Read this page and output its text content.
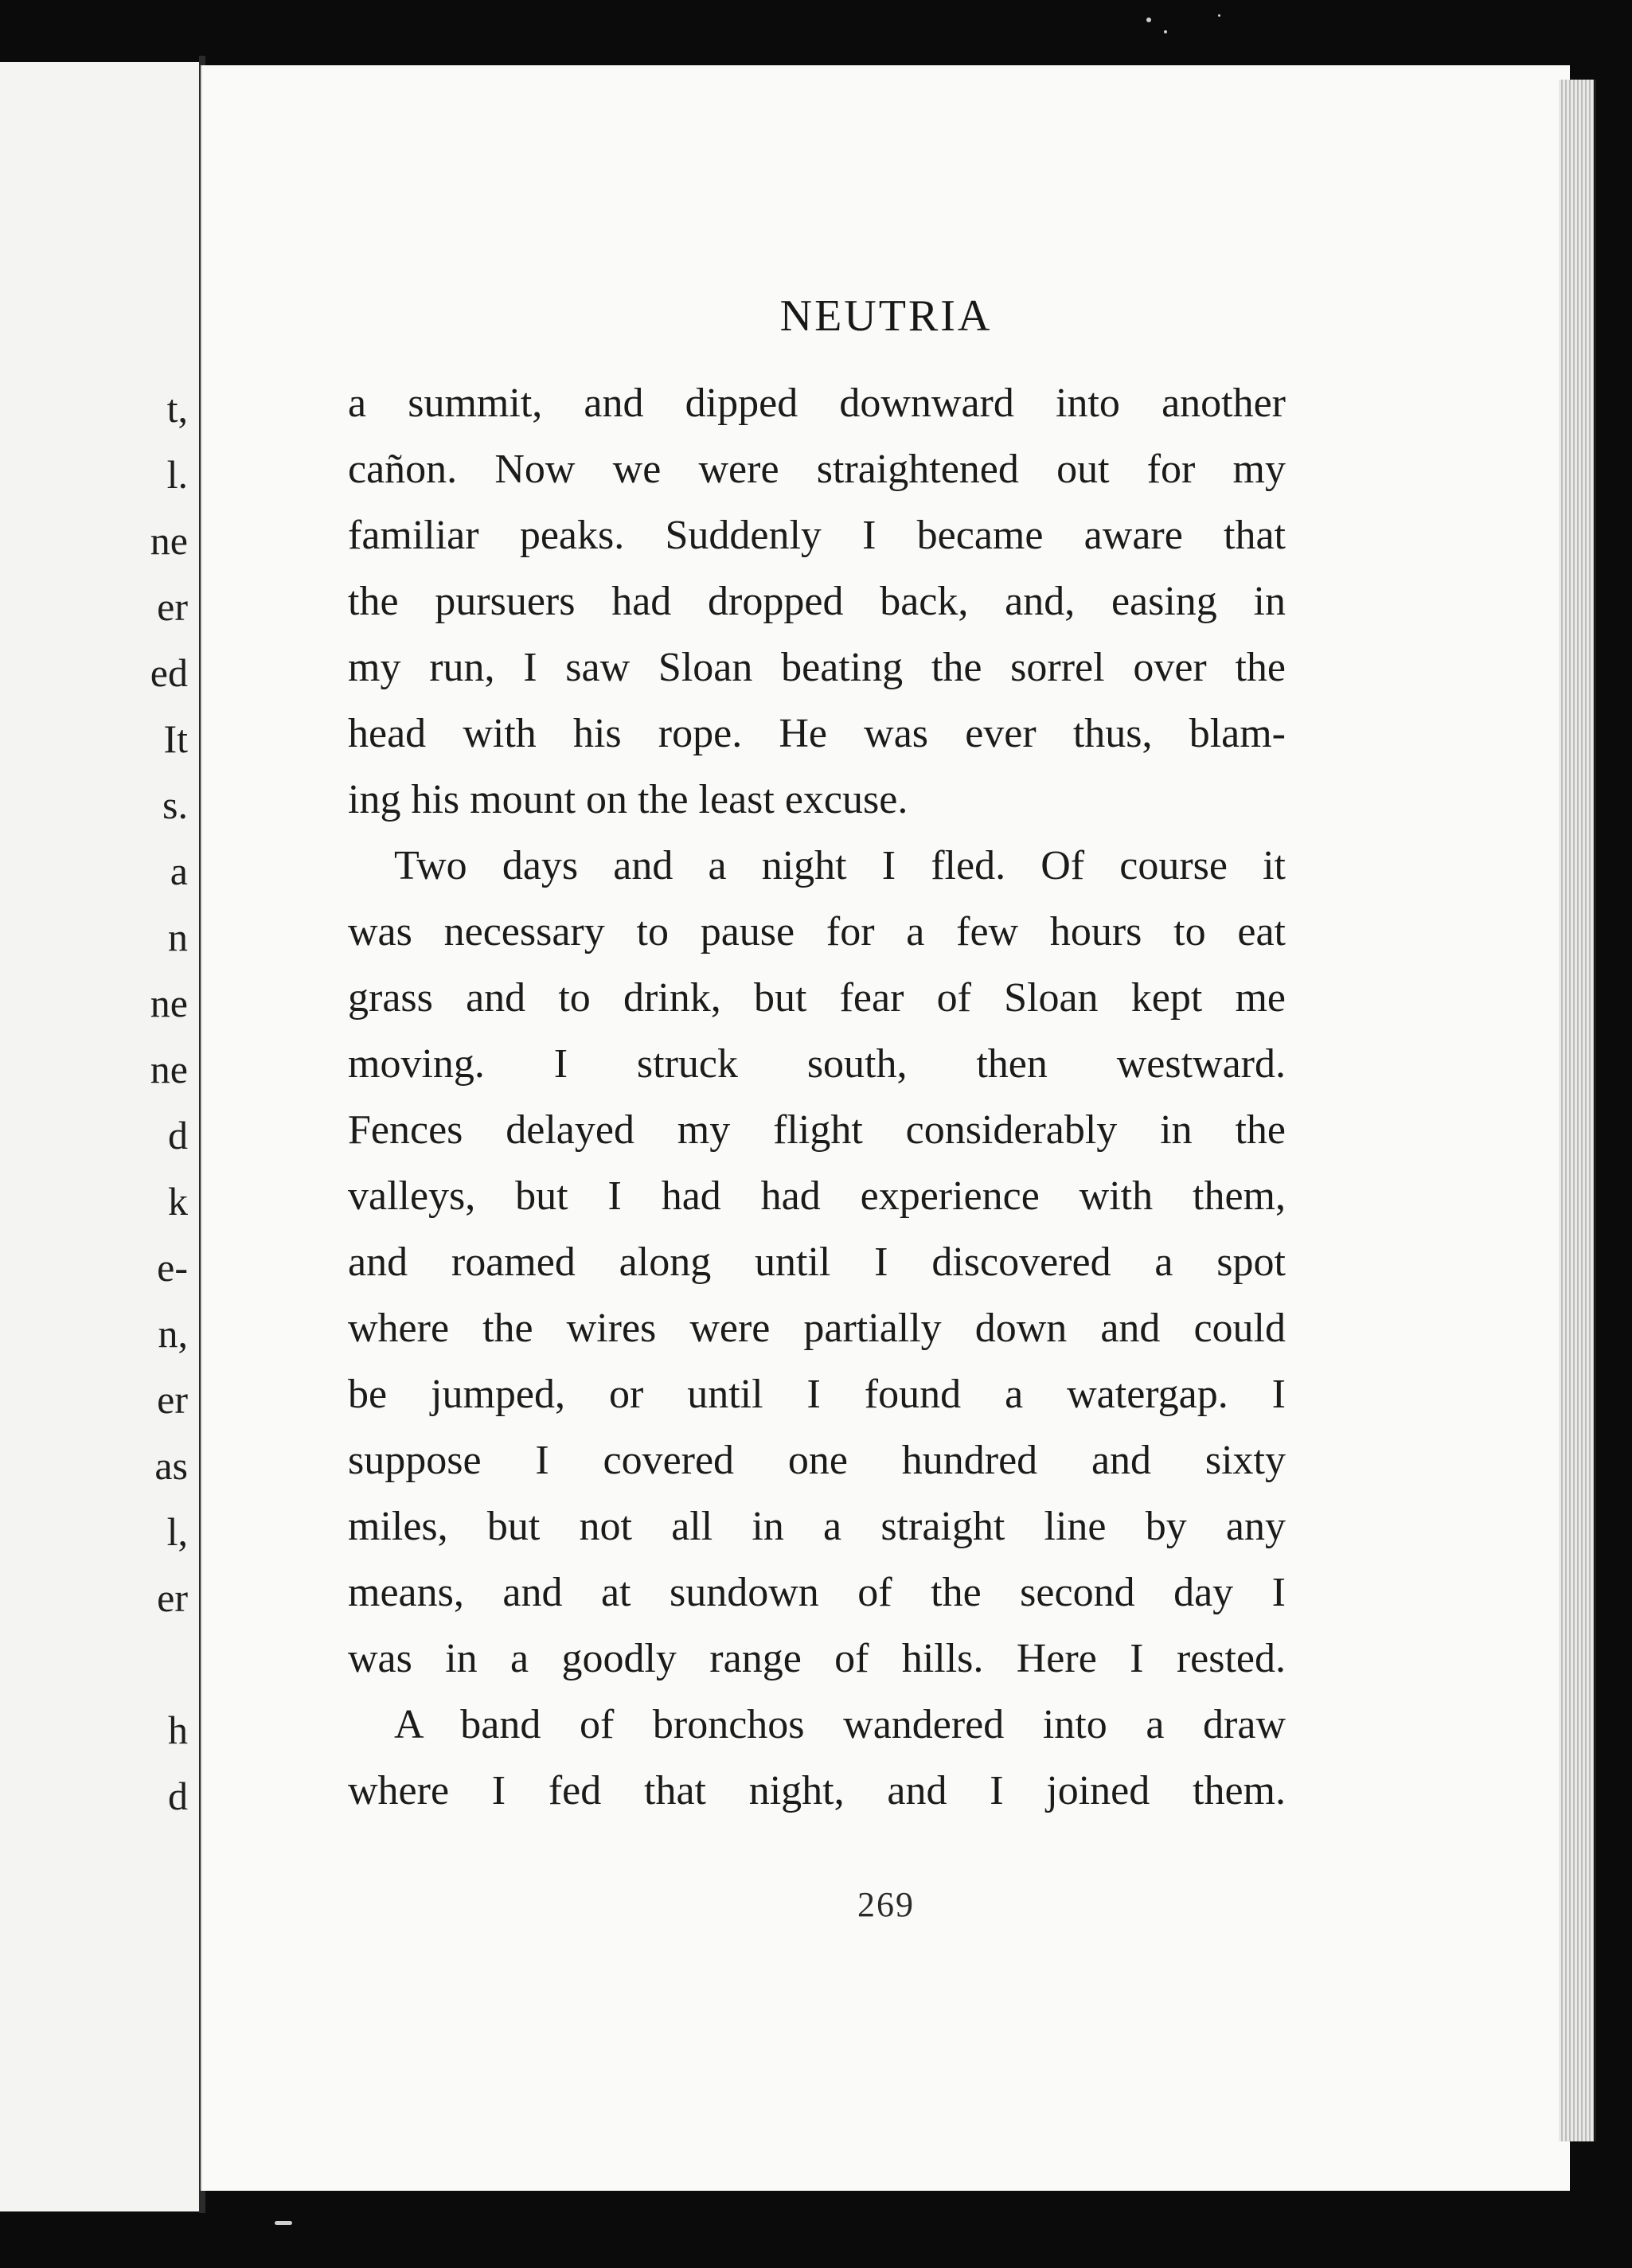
t,
l.
ne
er
ed
It
s.
a
n
ne
ne
d
k
e-
n,
er
as
l,
er
h
d
NEUTRIA
a summit, and dipped downward into another
cañon. Now we were straightened out for my
familiar peaks. Suddenly I became aware that
the pursuers had dropped back, and, easing in
my run, I saw Sloan beating the sorrel over the
head with his rope. He was ever thus, blam-
ing his mount on the least excuse.
Two days and a night I fled. Of course it
was necessary to pause for a few hours to eat
grass and to drink, but fear of Sloan kept me
moving. I struck south, then westward.
Fences delayed my flight considerably in the
valleys, but I had had experience with them,
and roamed along until I discovered a spot
where the wires were partially down and could
be jumped, or until I found a watergap. I
suppose I covered one hundred and sixty
miles, but not all in a straight line by any
means, and at sundown of the second day I
was in a goodly range of hills. Here I rested.
A band of bronchos wandered into a draw
where I fed that night, and I joined them.
269
